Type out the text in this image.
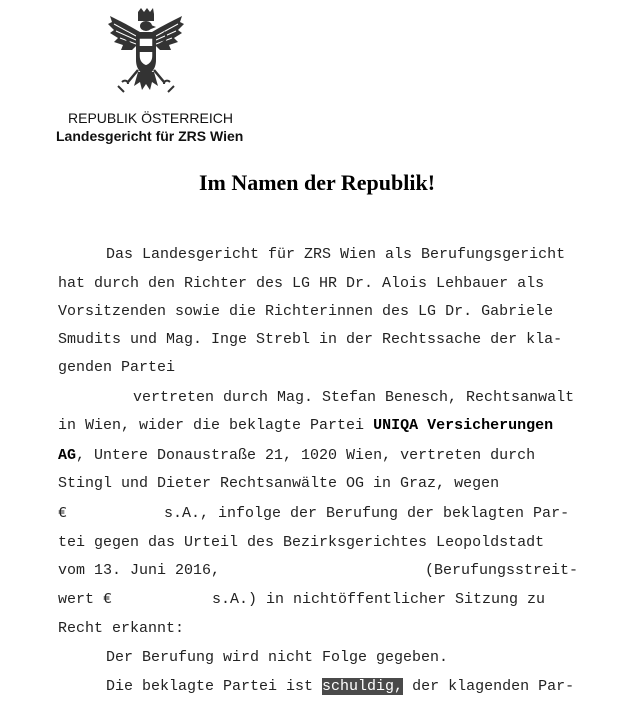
REPUBLIK ÖSTERREICH
Landesgericht für ZRS Wien
Im Namen der Republik!
Das Landesgericht für ZRS Wien als Berufungsgericht
hat durch den Richter des LG HR Dr. Alois Lehbauer als
Vorsitzenden sowie die Richterinnen des LG Dr. Gabriele
Smudits und Mag. Inge Strebl in der Rechtssache der kla-
genden Partei
vertreten durch Mag. Stefan Benesch, Rechtsanwalt
in Wien, wider die beklagte Partei UNIQA Versicherungen
AG, Untere Donaustraße 21, 1020 Wien, vertreten durch
Stingl und Dieter Rechtsanwälte OG in Graz, wegen
€	s.A., infolge der Berufung der beklagten Par-
tei gegen das Urteil des Bezirksgerichtes Leopoldstadt
vom 13. Juni 2016,	(Berufungsstreit-
wert €	s.A.) in nichtöffentlicher Sitzung zu
Recht erkannt:
Der Berufung wird nicht Folge gegeben.
Die beklagte Partei ist schuldig, der klagenden Par-
